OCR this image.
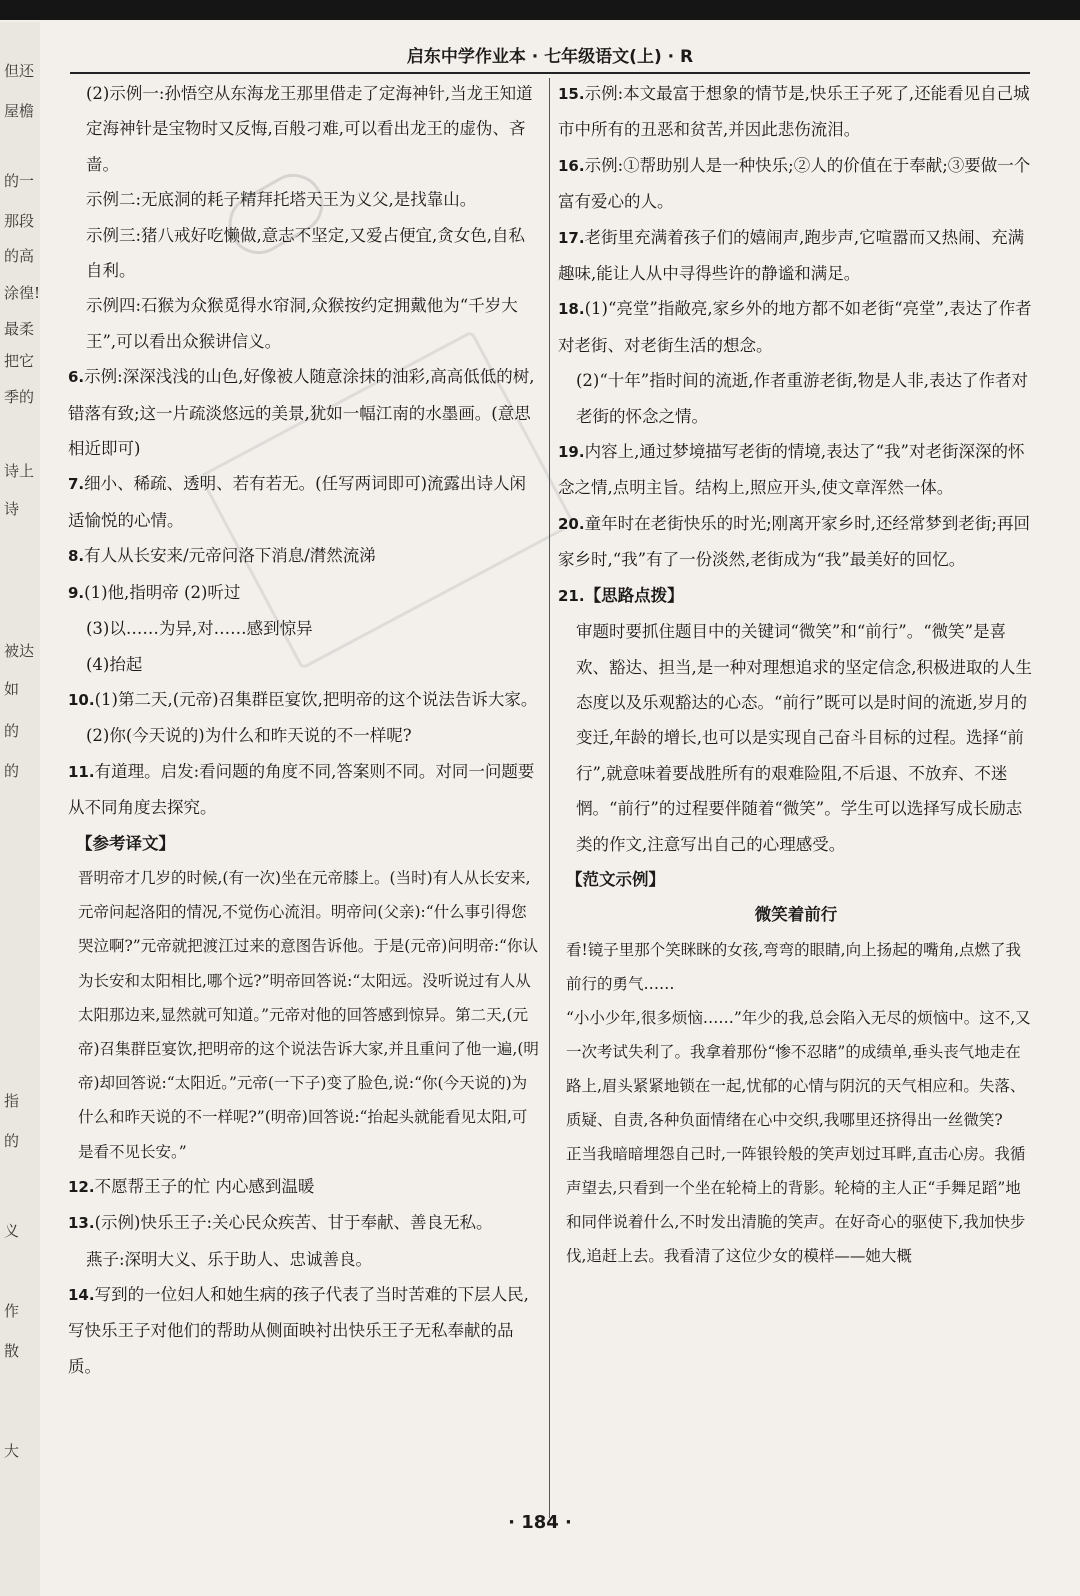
但还
屋檐
的一
那段
的高
涂徨!
最柔
把它
季的
诗上
诗
被达
如
的
的
指
的
义
作
散
大
启东中学作业本 · 七年级语文(上) · R
(2)示例一:孙悟空从东海龙王那里借走了定海神针,当龙王知道定海神针是宝物时又反悔,百般刁难,可以看出龙王的虚伪、吝啬。
示例二:无底洞的耗子精拜托塔天王为义父,是找靠山。
示例三:猪八戒好吃懒做,意志不坚定,又爱占便宜,贪女色,自私自利。
示例四:石猴为众猴觅得水帘洞,众猴按约定拥戴他为“千岁大王”,可以看出众猴讲信义。
6.示例:深深浅浅的山色,好像被人随意涂抹的油彩,高高低低的树,错落有致;这一片疏淡悠远的美景,犹如一幅江南的水墨画。(意思相近即可)
7.细小、稀疏、透明、若有若无。(任写两词即可)流露出诗人闲适愉悦的心情。
8.有人从长安来/元帝问洛下消息/潸然流涕
9.(1)他,指明帝 (2)听过
(3)以……为异,对……感到惊异
(4)抬起
10.(1)第二天,(元帝)召集群臣宴饮,把明帝的这个说法告诉大家。
(2)你(今天说的)为什么和昨天说的不一样呢?
11.有道理。启发:看问题的角度不同,答案则不同。对同一问题要从不同角度去探究。
【参考译文】
晋明帝才几岁的时候,(有一次)坐在元帝膝上。(当时)有人从长安来,元帝问起洛阳的情况,不觉伤心流泪。明帝问(父亲):“什么事引得您哭泣啊?”元帝就把渡江过来的意图告诉他。于是(元帝)问明帝:“你认为长安和太阳相比,哪个远?”明帝回答说:“太阳远。没听说过有人从太阳那边来,显然就可知道。”元帝对他的回答感到惊异。第二天,(元帝)召集群臣宴饮,把明帝的这个说法告诉大家,并且重问了他一遍,(明帝)却回答说:“太阳近。”元帝(一下子)变了脸色,说:“你(今天说的)为什么和昨天说的不一样呢?”(明帝)回答说:“抬起头就能看见太阳,可是看不见长安。”
12.不愿帮王子的忙 内心感到温暖
13.(示例)快乐王子:关心民众疾苦、甘于奉献、善良无私。
燕子:深明大义、乐于助人、忠诚善良。
14.写到的一位妇人和她生病的孩子代表了当时苦难的下层人民,写快乐王子对他们的帮助从侧面映衬出快乐王子无私奉献的品质。
15.示例:本文最富于想象的情节是,快乐王子死了,还能看见自己城市中所有的丑恶和贫苦,并因此悲伤流泪。
16.示例:①帮助别人是一种快乐;②人的价值在于奉献;③要做一个富有爱心的人。
17.老街里充满着孩子们的嬉闹声,跑步声,它喧嚣而又热闹、充满趣味,能让人从中寻得些许的静谧和满足。
18.(1)“亮堂”指敞亮,家乡外的地方都不如老街“亮堂”,表达了作者对老街、对老街生活的想念。
(2)“十年”指时间的流逝,作者重游老街,物是人非,表达了作者对老街的怀念之情。
19.内容上,通过梦境描写老街的情境,表达了“我”对老街深深的怀念之情,点明主旨。结构上,照应开头,使文章浑然一体。
20.童年时在老街快乐的时光;刚离开家乡时,还经常梦到老街;再回家乡时,“我”有了一份淡然,老街成为“我”最美好的回忆。
21.【思路点拨】
审题时要抓住题目中的关键词“微笑”和“前行”。“微笑”是喜欢、豁达、担当,是一种对理想追求的坚定信念,积极进取的人生态度以及乐观豁达的心态。“前行”既可以是时间的流逝,岁月的变迁,年龄的增长,也可以是实现自己奋斗目标的过程。选择“前行”,就意味着要战胜所有的艰难险阻,不后退、不放弃、不迷惘。“前行”的过程要伴随着“微笑”。学生可以选择写成长励志类的作文,注意写出自己的心理感受。
【范文示例】
微笑着前行
看!镜子里那个笑眯眯的女孩,弯弯的眼睛,向上扬起的嘴角,点燃了我前行的勇气……
“小小少年,很多烦恼……”年少的我,总会陷入无尽的烦恼中。这不,又一次考试失利了。我拿着那份“惨不忍睹”的成绩单,垂头丧气地走在路上,眉头紧紧地锁在一起,忧郁的心情与阴沉的天气相应和。失落、质疑、自责,各种负面情绪在心中交织,我哪里还挤得出一丝微笑?
正当我暗暗埋怨自己时,一阵银铃般的笑声划过耳畔,直击心房。我循声望去,只看到一个坐在轮椅上的背影。轮椅的主人正“手舞足蹈”地和同伴说着什么,不时发出清脆的笑声。在好奇心的驱使下,我加快步伐,追赶上去。我看清了这位少女的模样——她大概
· 184 ·
